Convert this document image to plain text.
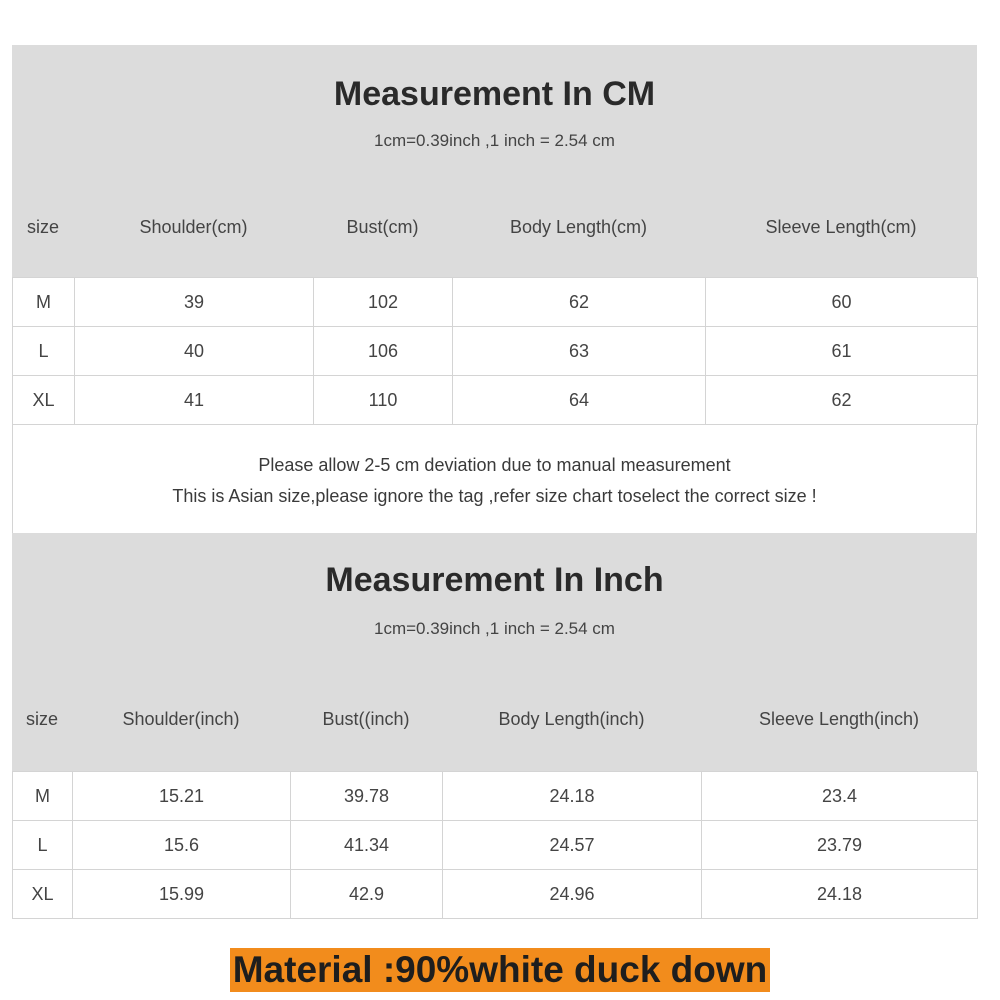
Measurement In CM
1cm=0.39inch ,1 inch = 2.54 cm
size	Shoulder(cm)	Bust(cm)	Body Length(cm)	Sleeve Length(cm)
M	39	102	62	60
L	40	106	63	61
XL	41	110	64	62
Please allow 2-5 cm deviation due to manual measurement
This is Asian size,please ignore the tag ,refer size chart toselect the correct size !
Measurement In Inch
1cm=0.39inch ,1 inch = 2.54 cm
size	Shoulder(inch)	Bust((inch)	Body Length(inch)	Sleeve Length(inch)
M	15.21	39.78	24.18	23.4
L	15.6	41.34	24.57	23.79
XL	15.99	42.9	24.96	24.18
Material :90%white duck down
